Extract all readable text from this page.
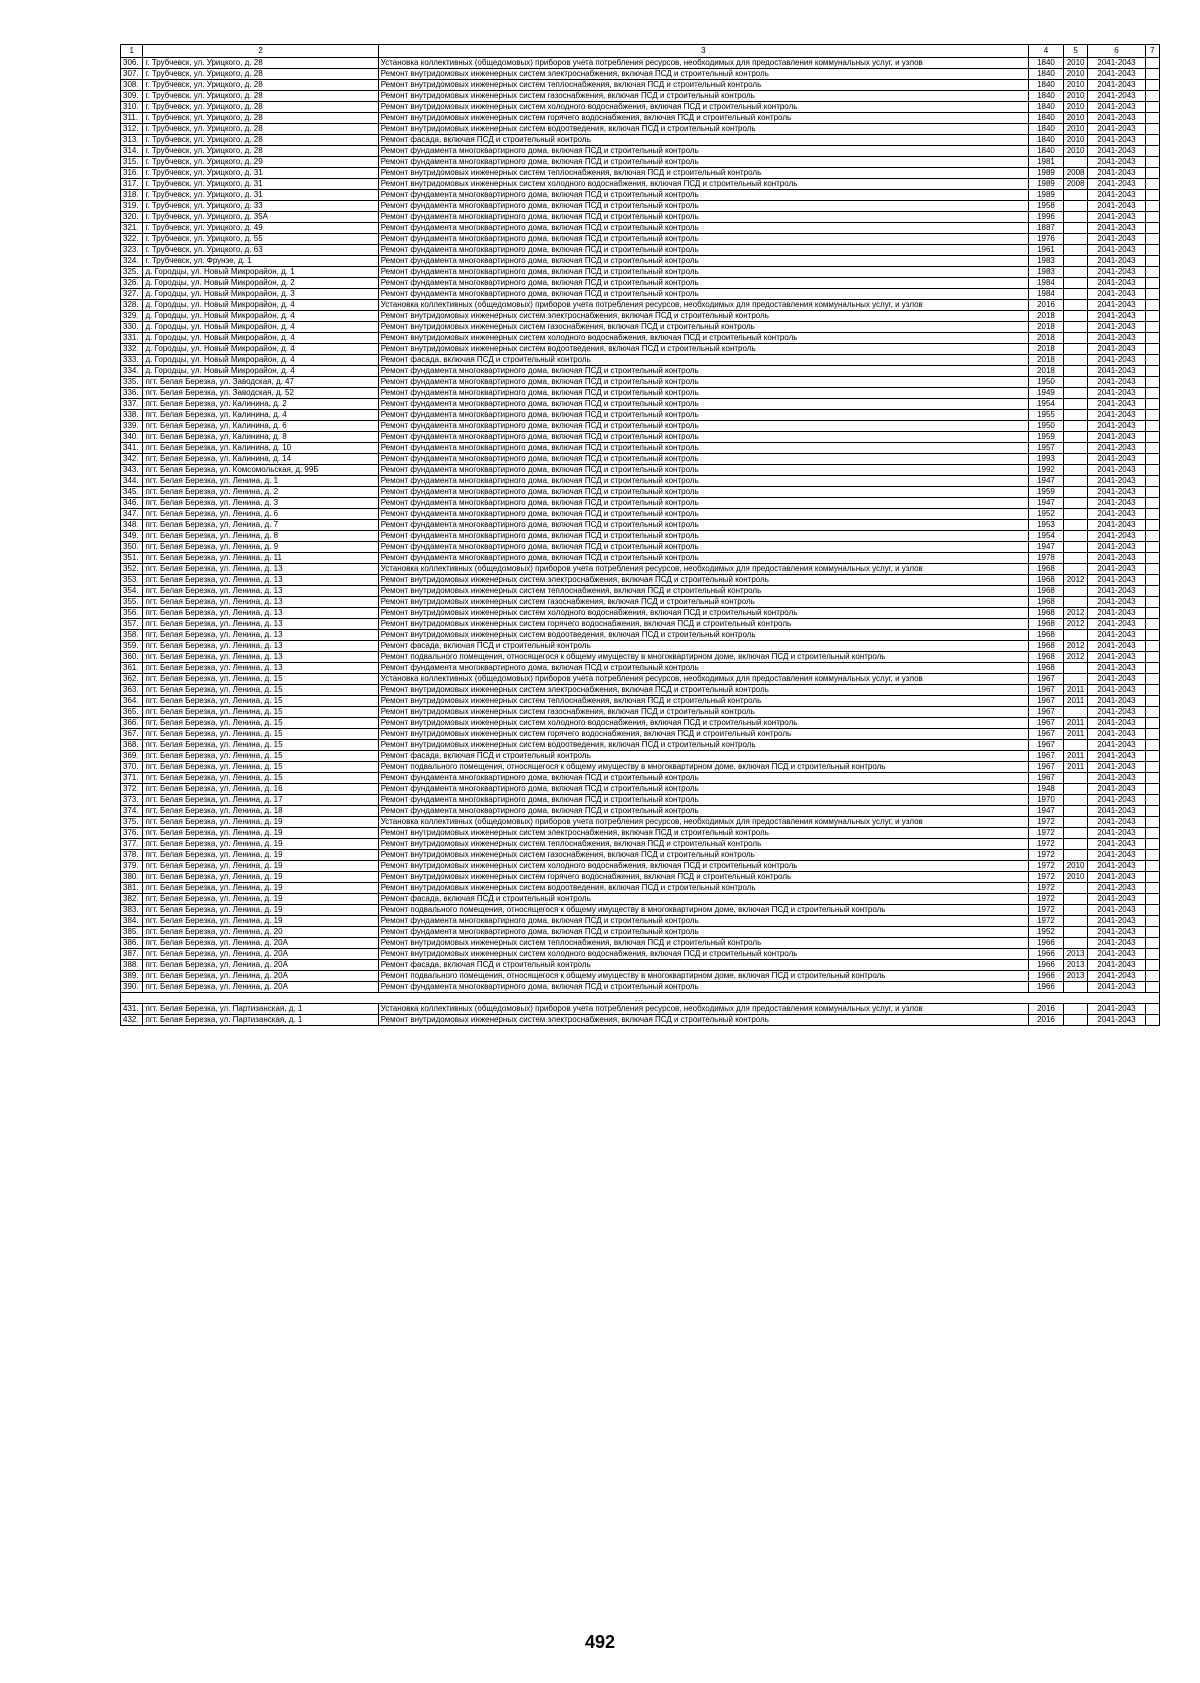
1	2	3	4	5	6	7
306.	г. Трубчевск, ул. Урицкого, д. 28	Установка коллективных (общедомовых) приборов учета потребления ресурсов, необходимых для предоставления коммунальных услуг, и узлов	1840	2010	2041-2043	
307.	г. Трубчевск, ул. Урицкого, д. 28	Ремонт внутридомовых инженерных систем электроснабжения, включая ПСД и строительный контроль	1840	2010	2041-2043	
308.	г. Трубчевск, ул. Урицкого, д. 28	Ремонт внутридомовых инженерных систем теплоснабжения, включая ПСД и строительный контроль	1840	2010	2041-2043	
309.	г. Трубчевск, ул. Урицкого, д. 28	Ремонт внутридомовых инженерных систем газоснабжения, включая ПСД и строительный контроль	1840	2010	2041-2043	
310.	г. Трубчевск, ул. Урицкого, д. 28	Ремонт внутридомовых инженерных систем холодного водоснабжения, включая ПСД и строительный контроль	1840	2010	2041-2043	
311.	г. Трубчевск, ул. Урицкого, д. 28	Ремонт внутридомовых инженерных систем горячего водоснабжения, включая ПСД и строительный контроль	1840	2010	2041-2043	
312.	г. Трубчевск, ул. Урицкого, д. 28	Ремонт внутридомовых инженерных систем водоотведения, включая ПСД и строительный контроль	1840	2010	2041-2043	
313.	г. Трубчевск, ул. Урицкого, д. 28	Ремонт фасада, включая ПСД и строительный контроль	1840	2010	2041-2043	
314.	г. Трубчевск, ул. Урицкого, д. 28	Ремонт фундамента многоквартирного дома, включая ПСД и строительный контроль	1840	2010	2041-2043	
315.	г. Трубчевск, ул. Урицкого, д. 29	Ремонт фундамента многоквартирного дома, включая ПСД и строительный контроль	1981		2041-2043	
316.	г. Трубчевск, ул. Урицкого, д. 31	Ремонт внутридомовых инженерных систем теплоснабжения, включая ПСД и строительный контроль	1989	2008	2041-2043	
317.	г. Трубчевск, ул. Урицкого, д. 31	Ремонт внутридомовых инженерных систем холодного водоснабжения, включая ПСД и строительный контроль	1989	2008	2041-2043	
318.	г. Трубчевск, ул. Урицкого, д. 31	Ремонт фундамента многоквартирного дома, включая ПСД и строительный контроль	1989		2041-2043	
319.	г. Трубчевск, ул. Урицкого, д. 33	Ремонт фундамента многоквартирного дома, включая ПСД и строительный контроль	1958		2041-2043	
320.	г. Трубчевск, ул. Урицкого, д. 35А	Ремонт фундамента многоквартирного дома, включая ПСД и строительный контроль	1996		2041-2043	
321.	г. Трубчевск, ул. Урицкого, д. 49	Ремонт фундамента многоквартирного дома, включая ПСД и строительный контроль	1887		2041-2043	
322.	г. Трубчевск, ул. Урицкого, д. 55	Ремонт фундамента многоквартирного дома, включая ПСД и строительный контроль	1976		2041-2043	
323.	г. Трубчевск, ул. Урицкого, д. 63	Ремонт фундамента многоквартирного дома, включая ПСД и строительный контроль	1961		2041-2043	
324.	г. Трубчевск, ул. Фрунзе, д. 1	Ремонт фундамента многоквартирного дома, включая ПСД и строительный контроль	1983		2041-2043	
325.	д. Городцы, ул. Новый Микрорайон, д. 1	Ремонт фундамента многоквартирного дома, включая ПСД и строительный контроль	1983		2041-2043	
326.	д. Городцы, ул. Новый Микрорайон, д. 2	Ремонт фундамента многоквартирного дома, включая ПСД и строительный контроль	1984		2041-2043	
327.	д. Городцы, ул. Новый Микрорайон, д. 3	Ремонт фундамента многоквартирного дома, включая ПСД и строительный контроль	1984		2041-2043	
328.	д. Городцы, ул. Новый Микрорайон, д. 4	Установка коллективных (общедомовых) приборов учета потребления ресурсов, необходимых для предоставления коммунальных услуг, и узлов	2016		2041-2043	
329.	д. Городцы, ул. Новый Микрорайон, д. 4	Ремонт внутридомовых инженерных систем электроснабжения, включая ПСД и строительный контроль	2018		2041-2043	
330.	д. Городцы, ул. Новый Микрорайон, д. 4	Ремонт внутридомовых инженерных систем газоснабжения, включая ПСД и строительный контроль	2018		2041-2043	
331.	д. Городцы, ул. Новый Микрорайон, д. 4	Ремонт внутридомовых инженерных систем холодного водоснабжения, включая ПСД и строительный контроль	2018		2041-2043	
332.	д. Городцы, ул. Новый Микрорайон, д. 4	Ремонт внутридомовых инженерных систем водоотведения, включая ПСД и строительный контроль	2018		2041-2043	
333.	д. Городцы, ул. Новый Микрорайон, д. 4	Ремонт фасада, включая ПСД и строительный контроль	2018		2041-2043	
334.	д. Городцы, ул. Новый Микрорайон, д. 4	Ремонт фундамента многоквартирного дома, включая ПСД и строительный контроль	2018		2041-2043	
335.	пгт. Белая Березка, ул. Заводская, д. 47	Ремонт фундамента многоквартирного дома, включая ПСД и строительный контроль	1950		2041-2043	
336.	пгт. Белая Березка, ул. Заводская, д. 52	Ремонт фундамента многоквартирного дома, включая ПСД и строительный контроль	1949		2041-2043	
337.	пгт. Белая Березка, ул. Калинина, д. 2	Ремонт фундамента многоквартирного дома, включая ПСД и строительный контроль	1954		2041-2043	
338.	пгт. Белая Березка, ул. Калинина, д. 4	Ремонт фундамента многоквартирного дома, включая ПСД и строительный контроль	1955		2041-2043	
339.	пгт. Белая Березка, ул. Калинина, д. 6	Ремонт фундамента многоквартирного дома, включая ПСД и строительный контроль	1950		2041-2043	
340.	пгт. Белая Березка, ул. Калинина, д. 8	Ремонт фундамента многоквартирного дома, включая ПСД и строительный контроль	1959		2041-2043	
341.	пгт. Белая Березка, ул. Калинина, д. 10	Ремонт фундамента многоквартирного дома, включая ПСД и строительный контроль	1957		2041-2043	
342.	пгт. Белая Березка, ул. Калинина, д. 14	Ремонт фундамента многоквартирного дома, включая ПСД и строительный контроль	1993		2041-2043	
343.	пгт. Белая Березка, ул. Комсомольская, д. 99Б	Ремонт фундамента многоквартирного дома, включая ПСД и строительный контроль	1992		2041-2043	
344.	пгт. Белая Березка, ул. Ленина, д. 1	Ремонт фундамента многоквартирного дома, включая ПСД и строительный контроль	1947		2041-2043	
345.	пгт. Белая Березка, ул. Ленина, д. 2	Ремонт фундамента многоквартирного дома, включая ПСД и строительный контроль	1959		2041-2043	
346.	пгт. Белая Березка, ул. Ленина, д. 3	Ремонт фундамента многоквартирного дома, включая ПСД и строительный контроль	1947		2041-2043	
347.	пгт. Белая Березка, ул. Ленина, д. 6	Ремонт фундамента многоквартирного дома, включая ПСД и строительный контроль	1952		2041-2043	
348.	пгт. Белая Березка, ул. Ленина, д. 7	Ремонт фундамента многоквартирного дома, включая ПСД и строительный контроль	1953		2041-2043	
349.	пгт. Белая Березка, ул. Ленина, д. 8	Ремонт фундамента многоквартирного дома, включая ПСД и строительный контроль	1954		2041-2043	
350.	пгт. Белая Березка, ул. Ленина, д. 9	Ремонт фундамента многоквартирного дома, включая ПСД и строительный контроль	1947		2041-2043	
351.	пгт. Белая Березка, ул. Ленина, д. 11	Ремонт фундамента многоквартирного дома, включая ПСД и строительный контроль	1978		2041-2043	
352.	пгт. Белая Березка, ул. Ленина, д. 13	Установка коллективных (общедомовых) приборов учета потребления ресурсов, необходимых для предоставления коммунальных услуг, и узлов	1968		2041-2043	
353.	пгт. Белая Березка, ул. Ленина, д. 13	Ремонт внутридомовых инженерных систем электроснабжения, включая ПСД и строительный контроль	1968	2012	2041-2043	
354.	пгт. Белая Березка, ул. Ленина, д. 13	Ремонт внутридомовых инженерных систем теплоснабжения, включая ПСД и строительный контроль	1968		2041-2043	
355.	пгт. Белая Березка, ул. Ленина, д. 13	Ремонт внутридомовых инженерных систем газоснабжения, включая ПСД и строительный контроль	1968		2041-2043	
356.	пгт. Белая Березка, ул. Ленина, д. 13	Ремонт внутридомовых инженерных систем холодного водоснабжения, включая ПСД и строительный контроль	1968	2012	2041-2043	
357.	пгт. Белая Березка, ул. Ленина, д. 13	Ремонт внутридомовых инженерных систем горячего водоснабжения, включая ПСД и строительный контроль	1968	2012	2041-2043	
358.	пгт. Белая Березка, ул. Ленина, д. 13	Ремонт внутридомовых инженерных систем водоотведения, включая ПСД и строительный контроль	1968		2041-2043	
359.	пгт. Белая Березка, ул. Ленина, д. 13	Ремонт фасада, включая ПСД и строительный контроль	1968	2012	2041-2043	
360.	пгт. Белая Березка, ул. Ленина, д. 13	Ремонт подвального помещения, относящегося к общему имуществу в многоквартирном доме, включая ПСД и строительный контроль	1968	2012	2041-2043	
361.	пгт. Белая Березка, ул. Ленина, д. 13	Ремонт фундамента многоквартирного дома, включая ПСД и строительный контроль	1968		2041-2043	
362.	пгт. Белая Березка, ул. Ленина, д. 15	Установка коллективных (общедомовых) приборов учета потребления ресурсов, необходимых для предоставления коммунальных услуг, и узлов	1967		2041-2043	
363.	пгт. Белая Березка, ул. Ленина, д. 15	Ремонт внутридомовых инженерных систем электроснабжения, включая ПСД и строительный контроль	1967	2011	2041-2043	
364.	пгт. Белая Березка, ул. Ленина, д. 15	Ремонт внутридомовых инженерных систем теплоснабжения, включая ПСД и строительный контроль	1967	2011	2041-2043	
365.	пгт. Белая Березка, ул. Ленина, д. 15	Ремонт внутридомовых инженерных систем газоснабжения, включая ПСД и строительный контроль	1967		2041-2043	
366.	пгт. Белая Березка, ул. Ленина, д. 15	Ремонт внутридомовых инженерных систем холодного водоснабжения, включая ПСД и строительный контроль	1967	2011	2041-2043	
367.	пгт. Белая Березка, ул. Ленина, д. 15	Ремонт внутридомовых инженерных систем горячего водоснабжения, включая ПСД и строительный контроль	1967	2011	2041-2043	
368.	пгт. Белая Березка, ул. Ленина, д. 15	Ремонт внутридомовых инженерных систем водоотведения, включая ПСД и строительный контроль	1967		2041-2043	
369.	пгт. Белая Березка, ул. Ленина, д. 15	Ремонт фасада, включая ПСД и строительный контроль	1967	2011	2041-2043	
370.	пгт. Белая Березка, ул. Ленина, д. 15	Ремонт подвального помещения, относящегося к общему имуществу в многоквартирном доме, включая ПСД и строительный контроль	1967	2011	2041-2043	
371.	пгт. Белая Березка, ул. Ленина, д. 15	Ремонт фундамента многоквартирного дома, включая ПСД и строительный контроль	1967		2041-2043	
372.	пгт. Белая Березка, ул. Ленина, д. 16	Ремонт фундамента многоквартирного дома, включая ПСД и строительный контроль	1948		2041-2043	
373.	пгт. Белая Березка, ул. Ленина, д. 17	Ремонт фундамента многоквартирного дома, включая ПСД и строительный контроль	1970		2041-2043	
374.	пгт. Белая Березка, ул. Ленина, д. 18	Ремонт фундамента многоквартирного дома, включая ПСД и строительный контроль	1947		2041-2043	
375.	пгт. Белая Березка, ул. Ленина, д. 19	Установка коллективных (общедомовых) приборов учета потребления ресурсов, необходимых для предоставления коммунальных услуг, и узлов	1972		2041-2043	
376.	пгт. Белая Березка, ул. Ленина, д. 19	Ремонт внутридомовых инженерных систем электроснабжения, включая ПСД и строительный контроль	1972		2041-2043	
377.	пгт. Белая Березка, ул. Ленина, д. 19	Ремонт внутридомовых инженерных систем теплоснабжения, включая ПСД и строительный контроль	1972		2041-2043	
378.	пгт. Белая Березка, ул. Ленина, д. 19	Ремонт внутридомовых инженерных систем газоснабжения, включая ПСД и строительный контроль	1972		2041-2043	
379.	пгт. Белая Березка, ул. Ленина, д. 19	Ремонт внутридомовых инженерных систем холодного водоснабжения, включая ПСД и строительный контроль	1972	2010	2041-2043	
380.	пгт. Белая Березка, ул. Ленина, д. 19	Ремонт внутридомовых инженерных систем горячего водоснабжения, включая ПСД и строительный контроль	1972	2010	2041-2043	
381.	пгт. Белая Березка, ул. Ленина, д. 19	Ремонт внутридомовых инженерных систем водоотведения, включая ПСД и строительный контроль	1972		2041-2043	
382.	пгт. Белая Березка, ул. Ленина, д. 19	Ремонт фасада, включая ПСД и строительный контроль	1972		2041-2043	
383.	пгт. Белая Березка, ул. Ленина, д. 19	Ремонт подвального помещения, относящегося к общему имуществу в многоквартирном доме, включая ПСД и строительный контроль	1972		2041-2043	
384.	пгт. Белая Березка, ул. Ленина, д. 19	Ремонт фундамента многоквартирного дома, включая ПСД и строительный контроль	1972		2041-2043	
385.	пгт. Белая Березка, ул. Ленина, д. 20	Ремонт фундамента многоквартирного дома, включая ПСД и строительный контроль	1952		2041-2043	
386.	пгт. Белая Березка, ул. Ленина, д. 20А	Ремонт внутридомовых инженерных систем теплоснабжения, включая ПСД и строительный контроль	1966		2041-2043	
387.	пгт. Белая Березка, ул. Ленина, д. 20А	Ремонт внутридомовых инженерных систем холодного водоснабжения, включая ПСД и строительный контроль	1966	2013	2041-2043	
388.	пгт. Белая Березка, ул. Ленина, д. 20А	Ремонт фасада, включая ПСД и строительный контроль	1966	2013	2041-2043	
389.	пгт. Белая Березка, ул. Ленина, д. 20А	Ремонт подвального помещения, относящегося к общему имуществу в многоквартирном доме, включая ПСД и строительный контроль	1966	2013	2041-2043	
390.	пгт. Белая Березка, ул. Ленина, д. 20А	Ремонт фундамента многоквартирного дома, включая ПСД и строительный контроль	1966		2041-2043	
…						
431.	пгт. Белая Березка, ул. Партизанская, д. 1	Установка коллективных (общедомовых) приборов учета потребления ресурсов, необходимых для предоставления коммунальных услуг, и узлов	2016		2041-2043	
432.	пгт. Белая Березка, ул. Партизанская, д. 1	Ремонт внутридомовых инженерных систем электроснабжения, включая ПСД и строительный контроль	2016		2041-2043	
492
